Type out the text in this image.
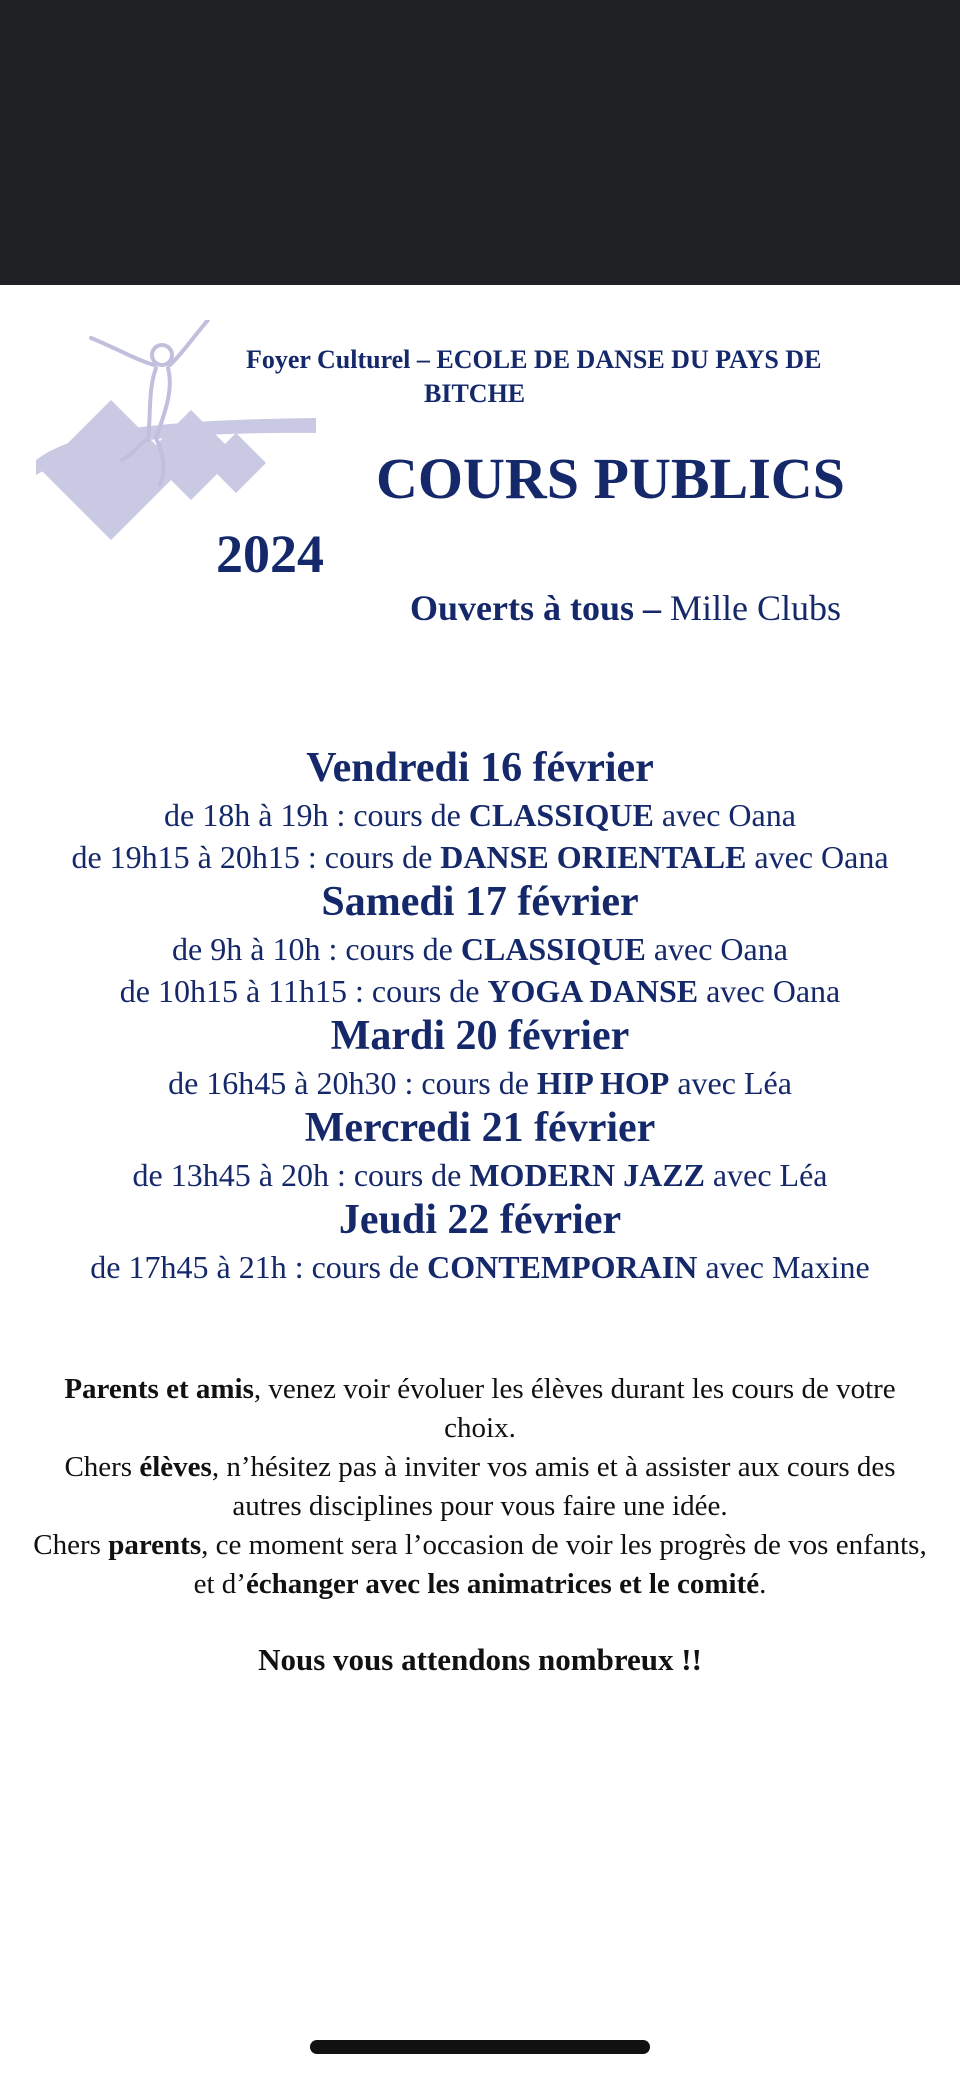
Foyer Culturel – ECOLE DE DANSE DU PAYS DE
BITCHE
COURS PUBLICS
2024
Ouverts à tous – Mille Clubs
Vendredi 16 février
de 18h à 19h : cours de CLASSIQUE avec Oana
de 19h15 à 20h15 : cours de DANSE ORIENTALE avec Oana
Samedi 17 février
de 9h à 10h : cours de CLASSIQUE avec Oana
de 10h15 à 11h15 : cours de YOGA DANSE avec Oana
Mardi 20 février
de 16h45 à 20h30 : cours de HIP HOP avec Léa
Mercredi 21 février
de 13h45 à 20h : cours de MODERN JAZZ avec Léa
Jeudi 22 février
de 17h45 à 21h : cours de CONTEMPORAIN avec Maxine
Parents et amis, venez voir évoluer les élèves durant les cours de votre choix.
Chers élèves, n’hésitez pas à inviter vos amis et à assister aux cours des autres disciplines pour vous faire une idée.
Chers parents, ce moment sera l’occasion de voir les progrès de vos enfants, et d’échanger avec les animatrices et le comité.
Nous vous attendons nombreux !!
